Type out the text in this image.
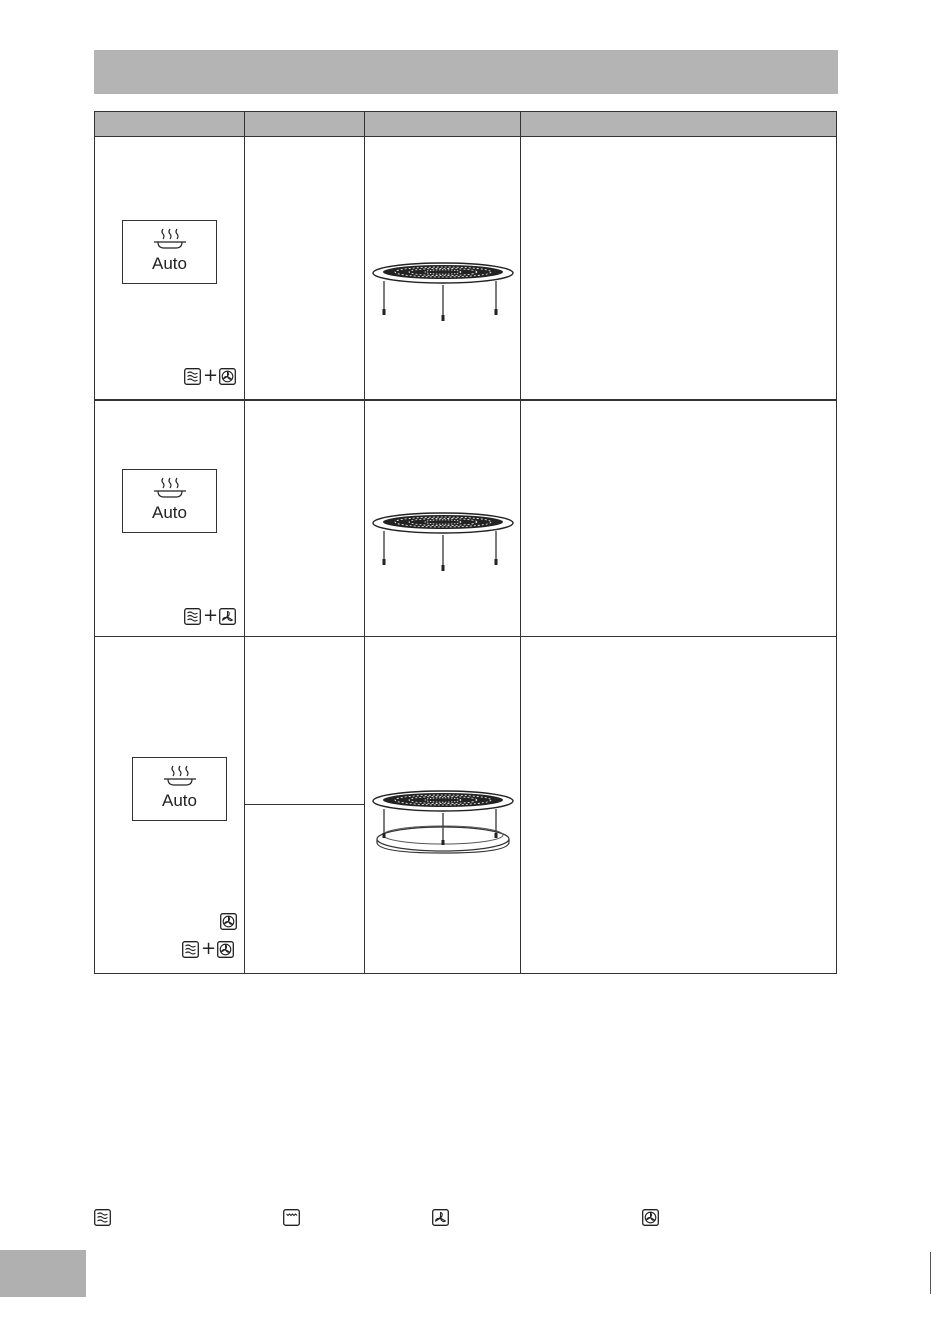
Auto
+
Auto
+
Auto
+
